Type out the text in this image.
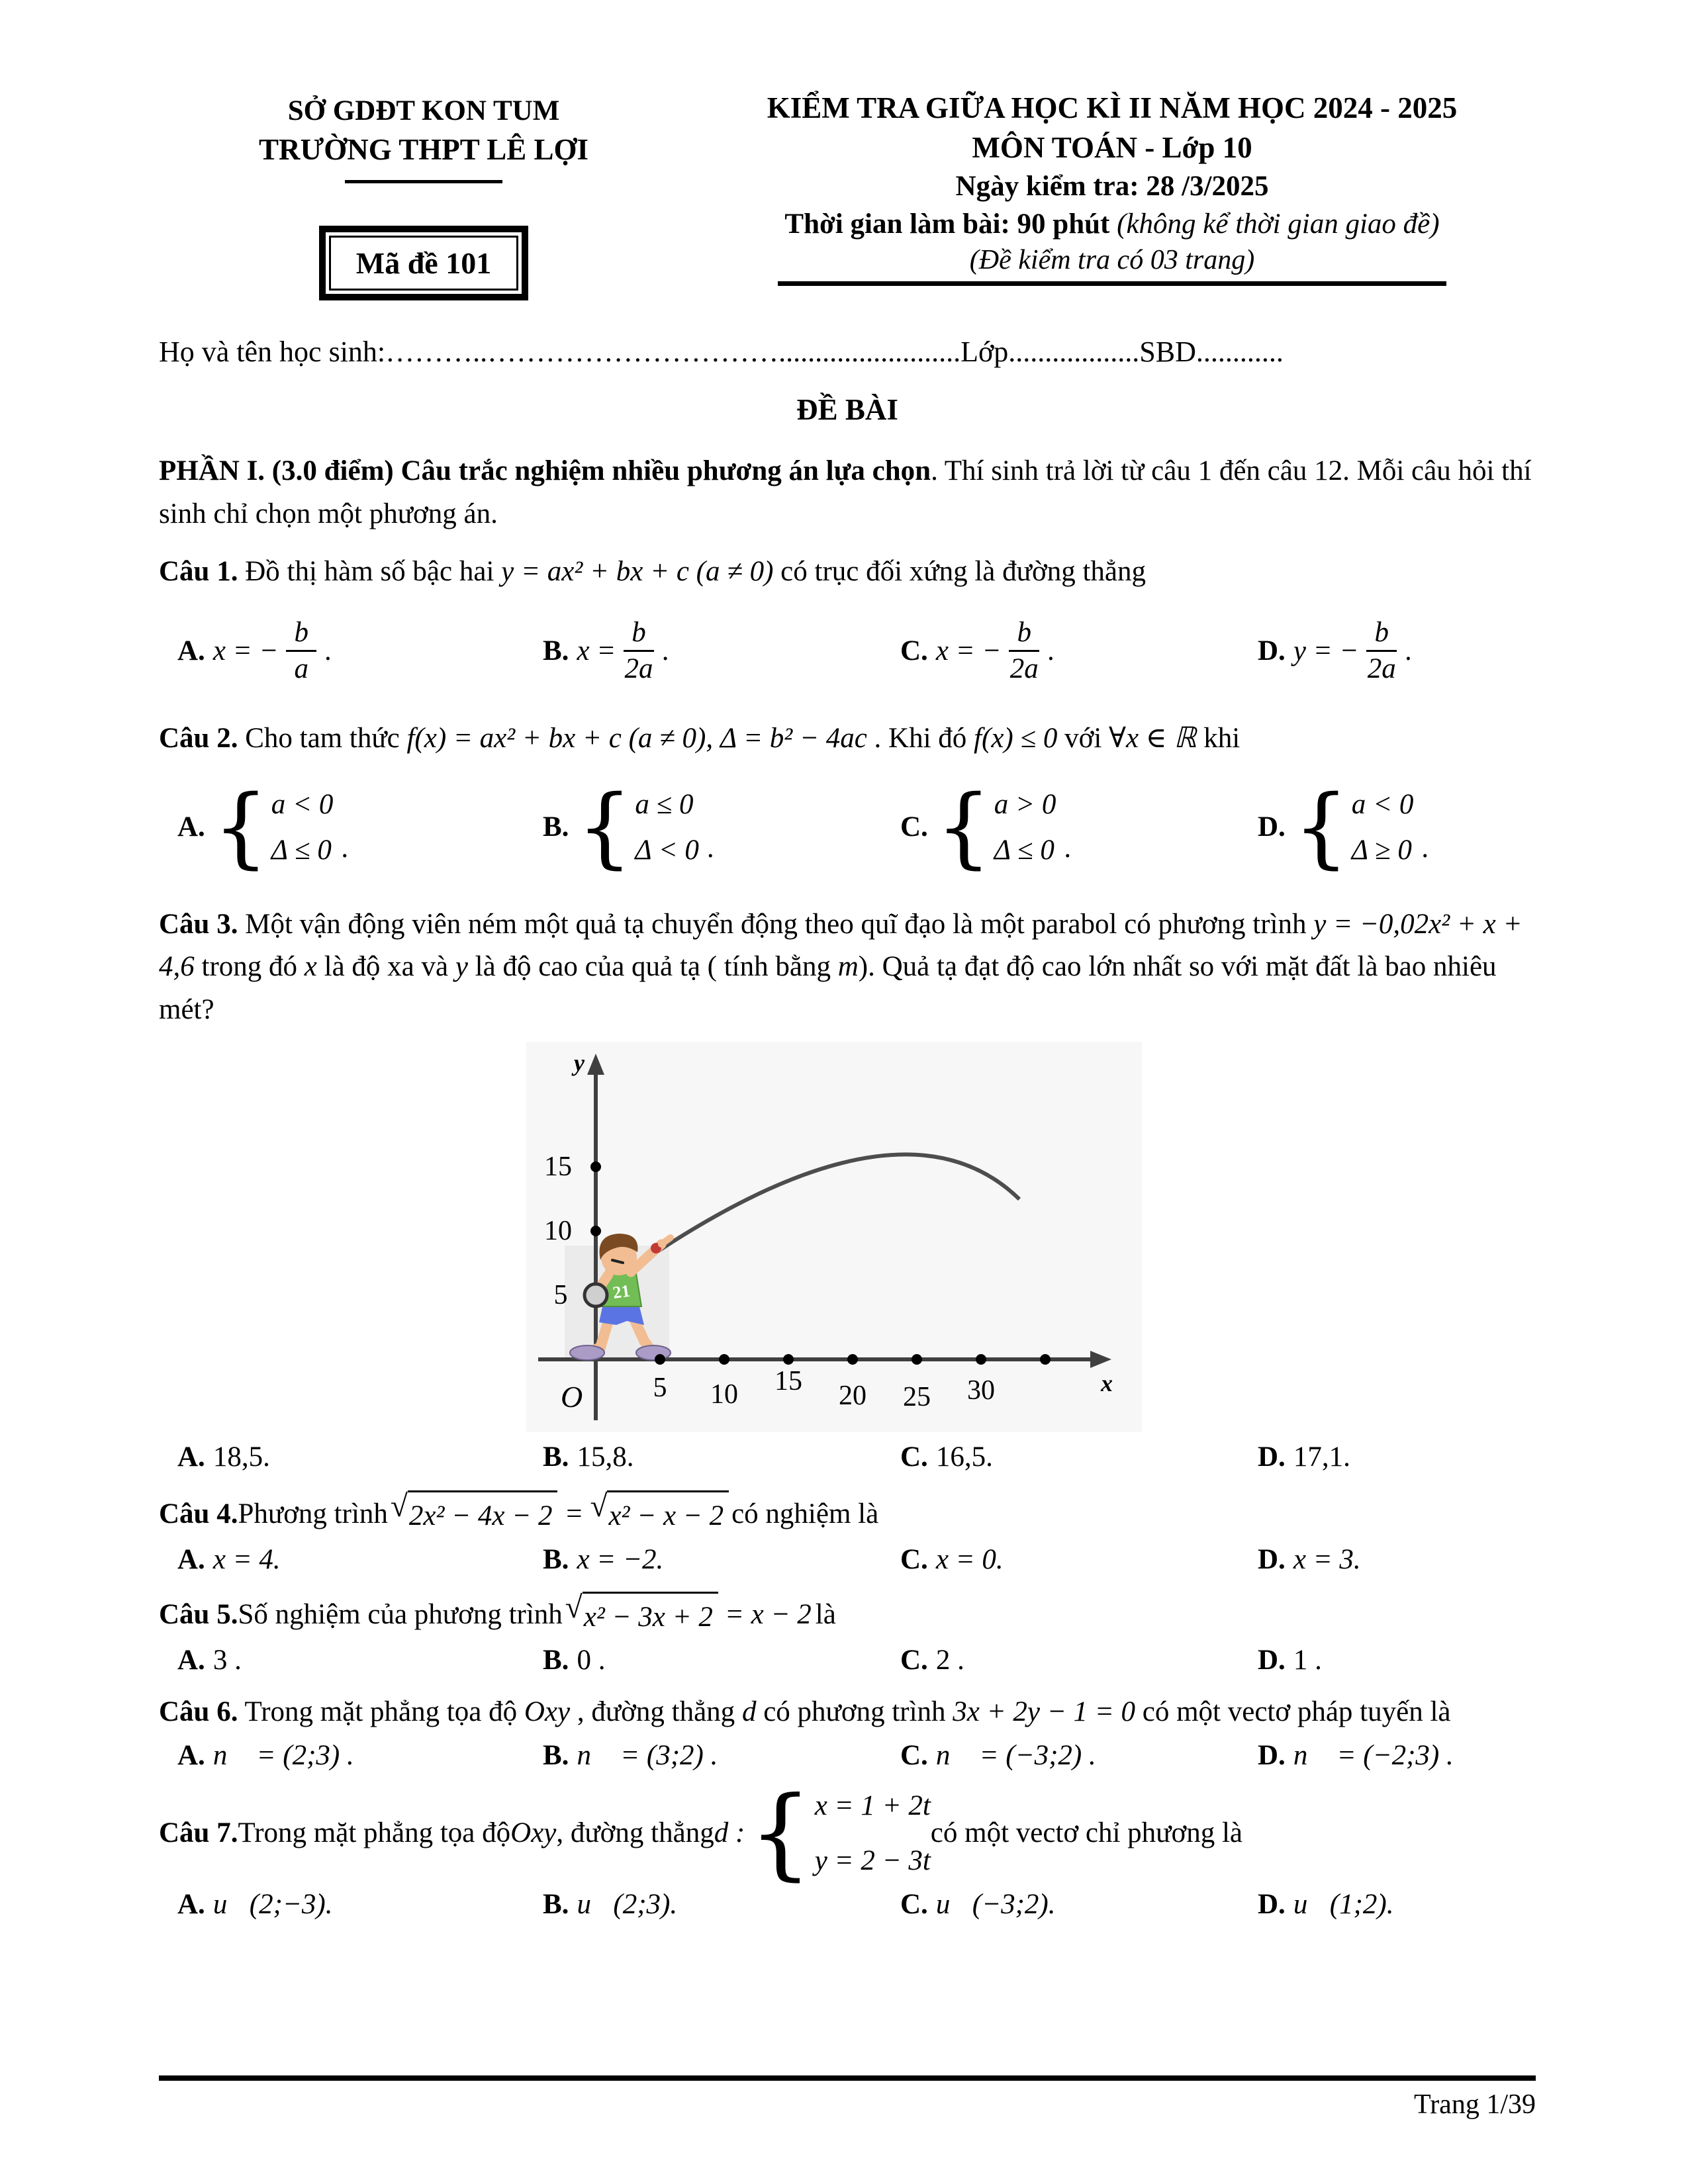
SỞ GDĐT KON TUM
TRƯỜNG THPT LÊ LỢI
Mã đề 101
KIỂM TRA GIỮA HỌC KÌ II NĂM HỌC 2024 - 2025
MÔN TOÁN - Lớp 10
Ngày kiểm tra: 28 /3/2025
Thời gian làm bài: 90 phút (không kể thời gian giao đề)
(Đề kiểm tra có 03 trang)
Họ và tên học sinh:………..………………………….........................Lớp..................SBD............
ĐỀ BÀI
PHẦN I. (3.0 điểm) Câu trắc nghiệm nhiều phương án lựa chọn. Thí sinh trả lời từ câu 1 đến câu 12. Mỗi câu hỏi thí sinh chỉ chọn một phương án.
Câu 1. Đồ thị hàm số bậc hai y = ax² + bx + c (a ≠ 0) có trục đối xứng là đường thẳng
A. x = − $\frac{b}{a}$ .	B. $x = \frac{b}{2a}$ .	C. x = − $\frac{b}{2a}$ .	D. y = − $\frac{b}{2a}$ .
Câu 2. Cho tam thức f(x) = ax² + bx + c (a ≠ 0), Δ = b² − 4ac . Khi đó f(x) ≤ 0 với ∀x ∈ ℝ khi
A. { a < 0
Δ ≤ 0 .
B. { a ≤ 0
Δ < 0 .
C. { a > 0
Δ ≤ 0 .
D. { a < 0
Δ ≥ 0 .
Câu 3. Một vận động viên ném một quả tạ chuyển động theo quĩ đạo là một parabol có phương trình y = −0,02x² + x + 4,6 trong đó x là độ xa và y là độ cao của quả tạ ( tính bằng m). Quả tạ đạt độ cao lớn nhất so với mặt đất là bao nhiêu mét?
21
15
10
5
5 10 15 20 25 30
O	x
y
A. 18,5.	B. 15,8.	C. 16,5.	D. 17,1.
Câu 4. Phương trình √ 2x² − 4x − 2 = √ x² − x − 2 có nghiệm là
A. x = 4.	B. x = −2.	C. x = 0.	D. x = 3.
Câu 5. Số nghiệm của phương trình √ x² − 3x + 2 = x − 2 là
A. 3 .	B. 0 .	C. 2 .	D. 1 .
Câu 6. Trong mặt phẳng tọa độ Oxy , đường thẳng d có phương trình 3x + 2y − 1 = 0 có một vectơ pháp tuyến là
A. n⃗ = (2;3) .	B. n⃗ = (3;2) .	C. n⃗ = (−3;2) .	D. n⃗ = (−2;3) .
Câu 7. Trong mặt phẳng tọa độ Oxy , đường thẳng d : { x = 1 + 2t
y = 2 − 3t
có một vectơ chỉ phương là
A. u⃗(2;−3).	B. u⃗(2;3).	C. u⃗(−3;2).	D. u⃗(1;2).
Trang 1/39
